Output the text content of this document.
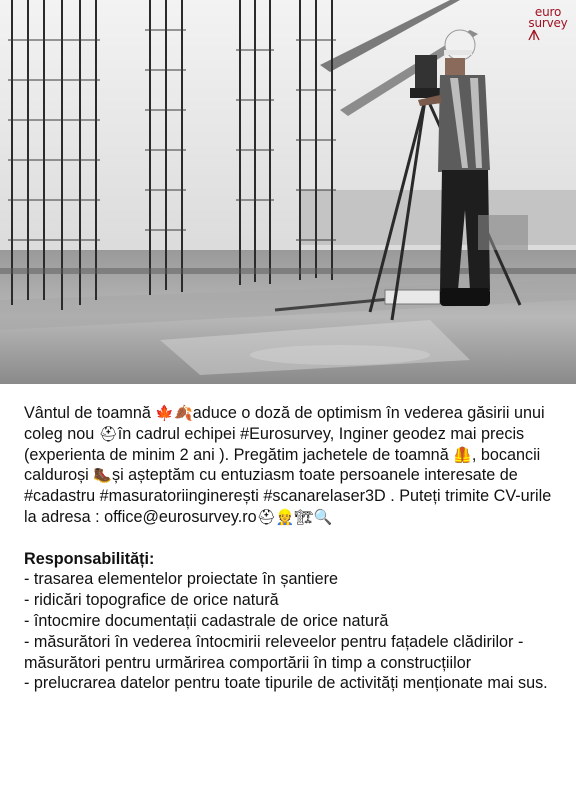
euro
survey

Vântul de toamnă 🍁🍂aduce o doză de optimism în vederea găsirii unui coleg nou ⛑în cadrul echipei #Eurosurvey, Inginer geodez mai precis (experienta de minim 2 ani ). Pregătim jachetele de toamnă 🦺, bocancii calduroși 🥾și așteptăm cu entuziasm toate persoanele interesate de #cadastru #masuratoriinginerești #scanarelaser3D . Puteți trimite CV-urile la adresa : office@eurosurvey.ro⛑👷🏗🔍

Responsabilități:

- trasarea elementelor proiectate în șantiere
- ridicări topografice de orice natură
- întocmire documentații cadastrale de orice natură
- măsurători în vederea întocmirii releveelor pentru fațadele clădirilor - măsurători pentru urmărirea comportării în timp a construcțiilor
- prelucrarea datelor pentru toate tipurile de activități menționate mai sus.
